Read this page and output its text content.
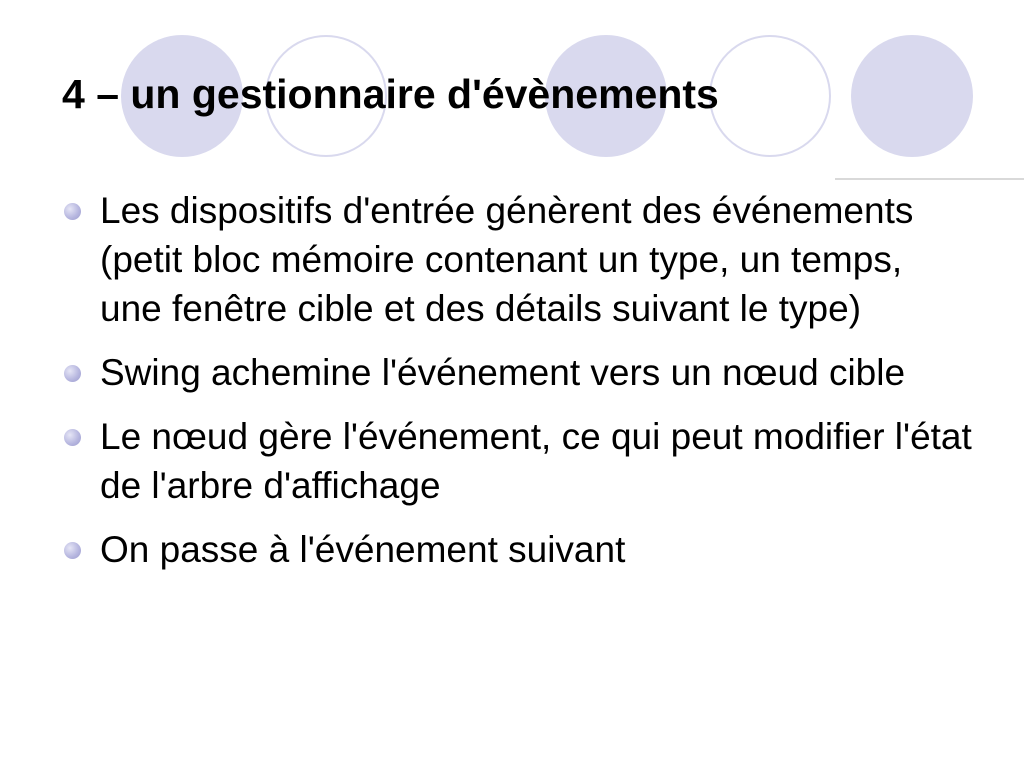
4 – un gestionnaire d'évènements
Les dispositifs d'entrée génèrent des événements (petit bloc mémoire contenant un type, un temps, une fenêtre cible et des détails suivant le type)
Swing achemine l'événement vers un nœud cible
Le nœud gère l'événement, ce qui peut modifier l'état de l'arbre d'affichage
On passe à l'événement suivant
